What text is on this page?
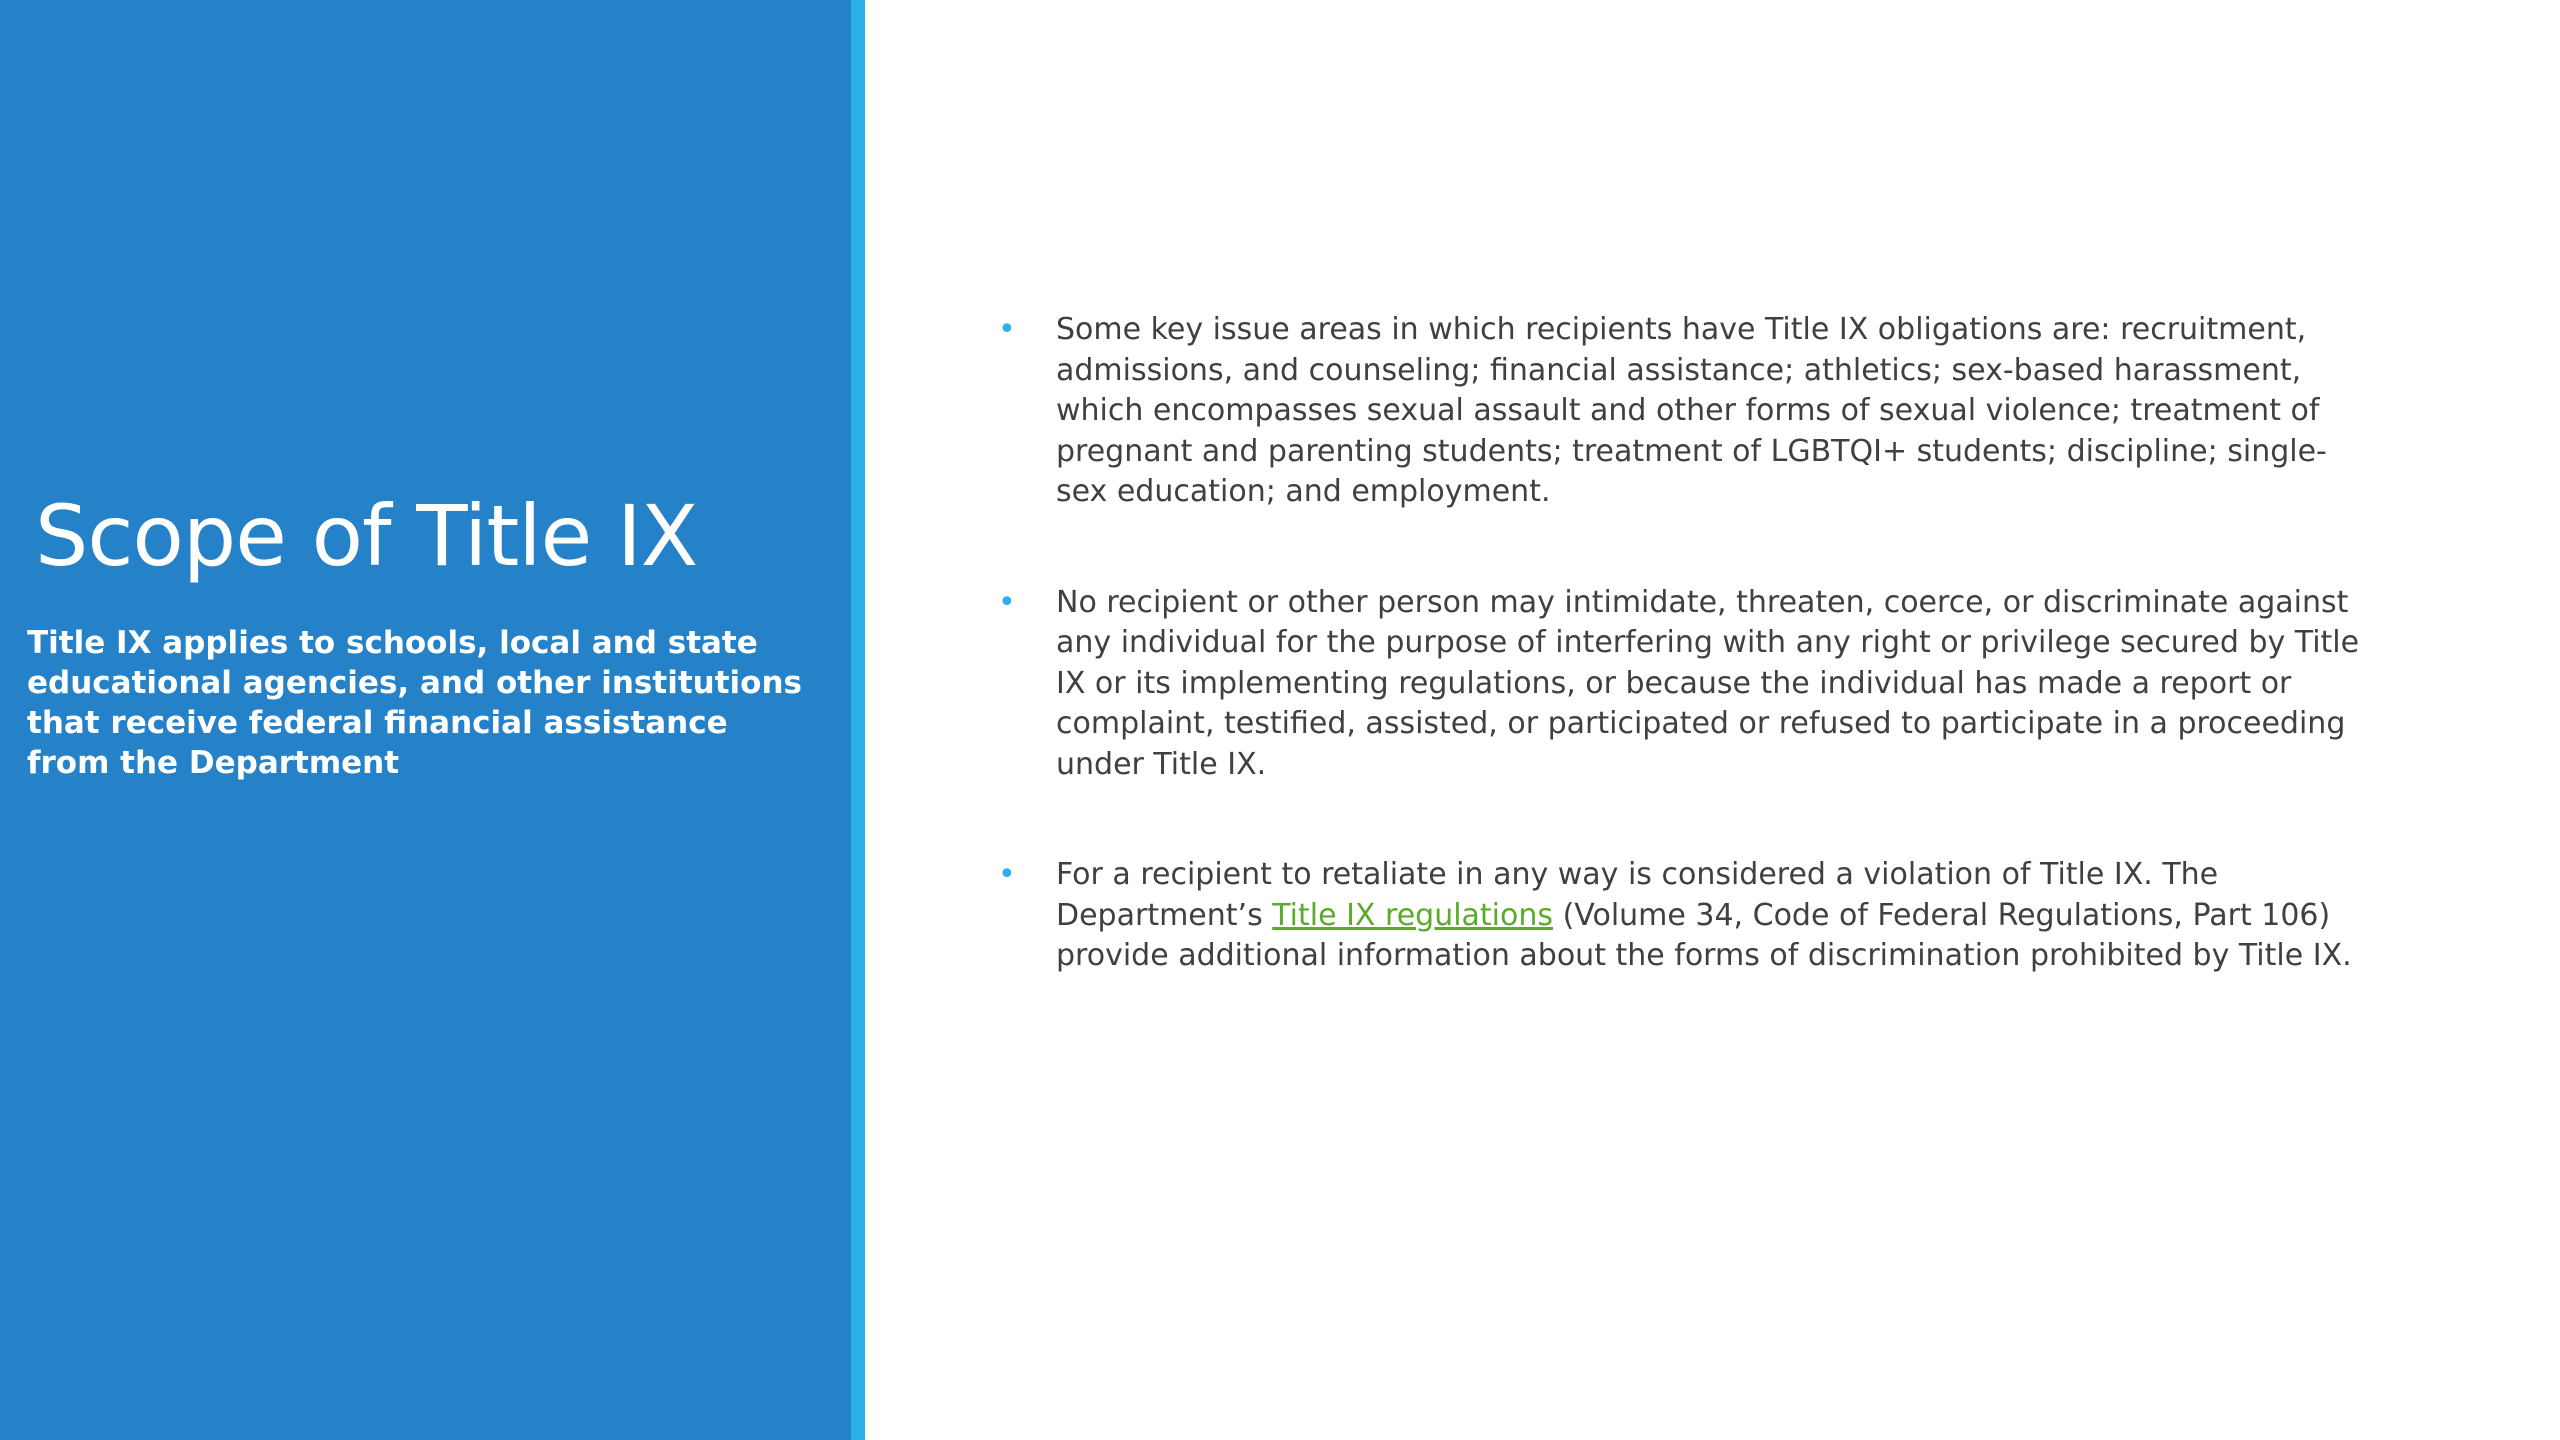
Scope of Title IX

Title IX applies to schools, local and state educational agencies, and other institutions that receive federal financial assistance from the Department

• Some key issue areas in which recipients have Title IX obligations are: recruitment, admissions, and counseling; financial assistance; athletics; sex-based harassment, which encompasses sexual assault and other forms of sexual violence; treatment of pregnant and parenting students; treatment of LGBTQI+ students; discipline; single-sex education; and employment.
• No recipient or other person may intimidate, threaten, coerce, or discriminate against any individual for the purpose of interfering with any right or privilege secured by Title IX or its implementing regulations, or because the individual has made a report or complaint, testified, assisted, or participated or refused to participate in a proceeding under Title IX.
• For a recipient to retaliate in any way is considered a violation of Title IX. The Department’s Title IX regulations (Volume 34, Code of Federal Regulations, Part 106) provide additional information about the forms of discrimination prohibited by Title IX.
